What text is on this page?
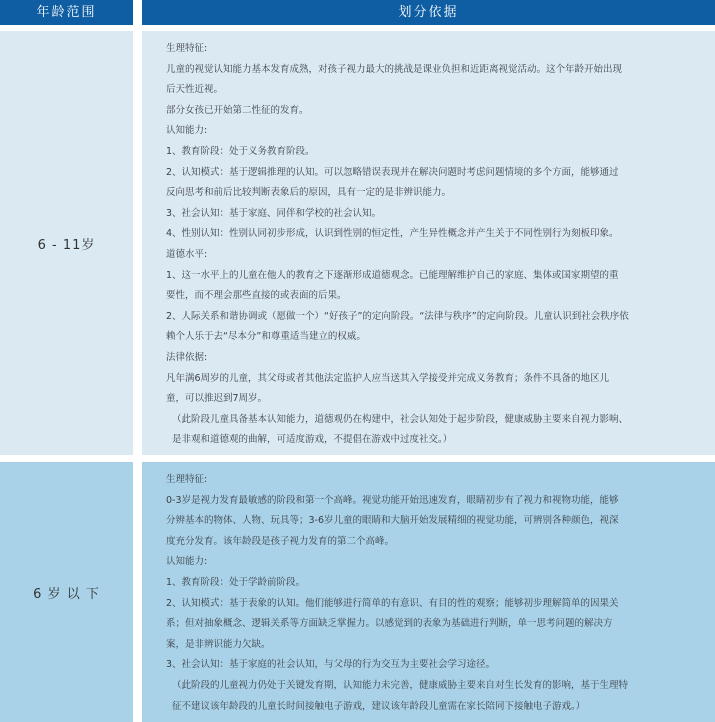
年龄范围	划分依据
6 - 11岁
生理特征:
儿童的视觉认知能力基本发育成熟，对孩子视力最大的挑战是课业负担和近距离视觉活动。这个年龄开始出现
后天性近视。
部分女孩已开始第二性征的发育。
认知能力:
1、教育阶段：处于义务教育阶段。
2、认知模式：基于逻辑推理的认知。可以忽略错误表现并在解决问题时考虑问题情境的多个方面，能够通过
反向思考和前后比较判断表象后的原因，具有一定的是非辨识能力。
3、社会认知：基于家庭、同伴和学校的社会认知。
4、性别认知：性别认同初步形成，认识到性别的恒定性，产生异性概念并产生关于不同性别行为刻板印象。
道德水平:
1、这一水平上的儿童在他人的教育之下逐渐形成道德观念。已能理解维护自己的家庭、集体或国家期望的重
要性，而不理会那些直接的或表面的后果。
2、人际关系和谐协调或（愿做一个）“好孩子”的定向阶段。“法律与秩序”的定向阶段。儿童认识到社会秩序依
赖个人乐于去“尽本分”和尊重适当建立的权威。
法律依据:
凡年满6周岁的儿童，其父母或者其他法定监护人应当送其入学接受并完成义务教育；条件不具备的地区儿
童，可以推迟到7周岁。
（此阶段儿童具备基本认知能力，道德观仍在构建中，社会认知处于起步阶段，健康威胁主要来自视力影响、
是非观和道德观的曲解，可适度游戏，不提倡在游戏中过度社交。）
6 岁 以 下
生理特征:
0-3岁是视力发育最敏感的阶段和第一个高峰。视觉功能开始迅速发育，眼睛初步有了视力和视物功能，能够
分辨基本的物体、人物、玩具等；3-6岁儿童的眼睛和大脑开始发展精细的视觉功能，可辨别各种颜色，视深
度充分发育。该年龄段是孩子视力发育的第二个高峰。
认知能力:
1、教育阶段：处于学龄前阶段。
2、认知模式：基于表象的认知。他们能够进行简单的有意识、有目的性的观察；能够初步理解简单的因果关
系；但对抽象概念、逻辑关系等方面缺乏掌握力。以感觉到的表象为基础进行判断，单一思考问题的解决方
案，是非辨识能力欠缺。
3、社会认知：基于家庭的社会认知，与父母的行为交互为主要社会学习途径。
（此阶段的儿童视力仍处于关键发育期，认知能力未完善，健康威胁主要来自对生长发育的影响，基于生理特
征不建议该年龄段的儿童长时间接触电子游戏，建议该年龄段儿童需在家长陪同下接触电子游戏。）
